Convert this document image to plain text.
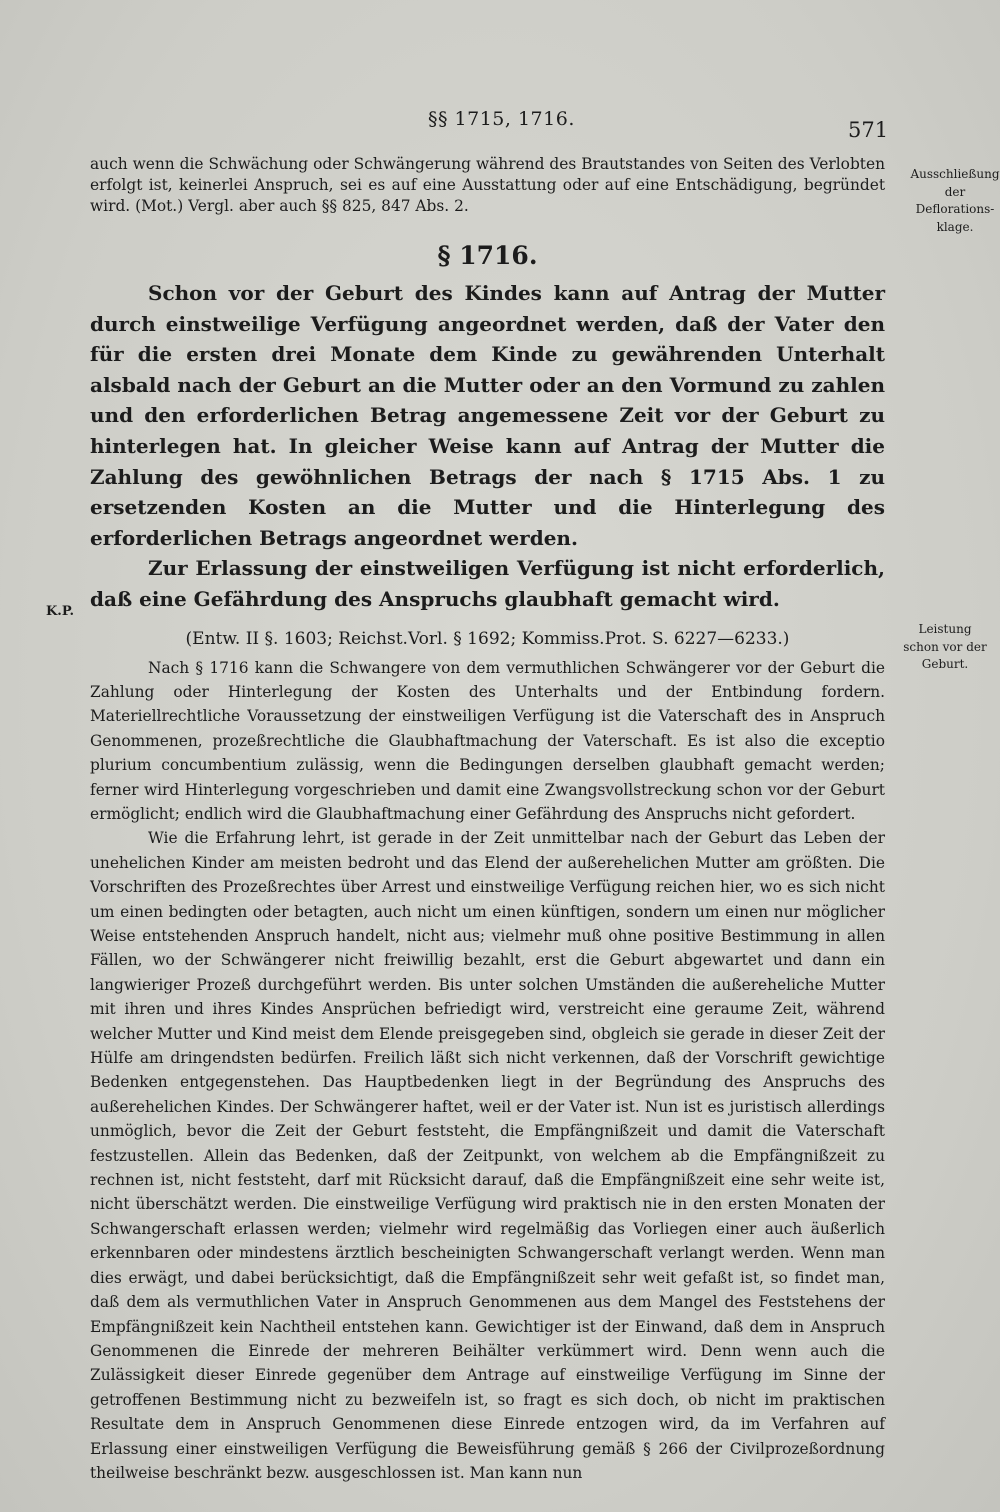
§§ 1715, 1716.	571
Ausschließung
der
Deflorations-
klage.
Leistung
schon vor der
Geburt.
K.P.

auch wenn die Schwächung oder Schwängerung während des Brautstandes von Seiten des Verlobten erfolgt ist, keinerlei Anspruch, sei es auf eine Ausstattung oder auf eine Entschädigung, begründet wird. (Mot.) Vergl. aber auch §§ 825, 847 Abs. 2.

§ 1716.

Schon vor der Geburt des Kindes kann auf Antrag der Mutter durch einstweilige Verfügung angeordnet werden, daß der Vater den für die ersten drei Monate dem Kinde zu gewährenden Unterhalt alsbald nach der Geburt an die Mutter oder an den Vormund zu zahlen und den erforderlichen Betrag angemessene Zeit vor der Geburt zu hinterlegen hat. In gleicher Weise kann auf Antrag der Mutter die Zahlung des gewöhnlichen Betrags der nach § 1715 Abs. 1 zu ersetzenden Kosten an die Mutter und die Hinterlegung des erforderlichen Betrags angeordnet werden.

Zur Erlassung der einstweiligen Verfügung ist nicht erforderlich, daß eine Gefährdung des Anspruchs glaubhaft gemacht wird.

(Entw. II §. 1603; Reichst.Vorl. § 1692; Kommiss.Prot. S. 6227—6233.)

Nach § 1716 kann die Schwangere von dem vermuthlichen Schwängerer vor der Geburt die Zahlung oder Hinterlegung der Kosten des Unterhalts und der Entbindung fordern. Materiellrechtliche Voraussetzung der einstweiligen Verfügung ist die Vaterschaft des in Anspruch Genommenen, prozeßrechtliche die Glaubhaftmachung der Vaterschaft. Es ist also die exceptio plurium concumbentium zulässig, wenn die Bedingungen derselben glaubhaft gemacht werden; ferner wird Hinterlegung vorgeschrieben und damit eine Zwangsvollstreckung schon vor der Geburt ermöglicht; endlich wird die Glaubhaftmachung einer Gefährdung des Anspruchs nicht gefordert.

Wie die Erfahrung lehrt, ist gerade in der Zeit unmittelbar nach der Geburt das Leben der unehelichen Kinder am meisten bedroht und das Elend der außerehelichen Mutter am größten. Die Vorschriften des Prozeßrechtes über Arrest und einstweilige Verfügung reichen hier, wo es sich nicht um einen bedingten oder betagten, auch nicht um einen künftigen, sondern um einen nur möglicher Weise entstehenden Anspruch handelt, nicht aus; vielmehr muß ohne positive Bestimmung in allen Fällen, wo der Schwängerer nicht freiwillig bezahlt, erst die Geburt abgewartet und dann ein langwieriger Prozeß durchgeführt werden. Bis unter solchen Umständen die außereheliche Mutter mit ihren und ihres Kindes Ansprüchen befriedigt wird, verstreicht eine geraume Zeit, während welcher Mutter und Kind meist dem Elende preisgegeben sind, obgleich sie gerade in dieser Zeit der Hülfe am dringendsten bedürfen. Freilich läßt sich nicht verkennen, daß der Vorschrift gewichtige Bedenken entgegenstehen. Das Hauptbedenken liegt in der Begründung des Anspruchs des außerehelichen Kindes. Der Schwängerer haftet, weil er der Vater ist. Nun ist es juristisch allerdings unmöglich, bevor die Zeit der Geburt feststeht, die Empfängnißzeit und damit die Vaterschaft festzustellen. Allein das Bedenken, daß der Zeitpunkt, von welchem ab die Empfängnißzeit zu rechnen ist, nicht feststeht, darf mit Rücksicht darauf, daß die Empfängnißzeit eine sehr weite ist, nicht überschätzt werden. Die einstweilige Verfügung wird praktisch nie in den ersten Monaten der Schwangerschaft erlassen werden; vielmehr wird regelmäßig das Vorliegen einer auch äußerlich erkennbaren oder mindestens ärztlich bescheinigten Schwangerschaft verlangt werden. Wenn man dies erwägt, und dabei berücksichtigt, daß die Empfängnißzeit sehr weit gefaßt ist, so findet man, daß dem als vermuthlichen Vater in Anspruch Genommenen aus dem Mangel des Feststehens der Empfängnißzeit kein Nachtheil entstehen kann. Gewichtiger ist der Einwand, daß dem in Anspruch Genommenen die Einrede der mehreren Beihälter verkümmert wird. Denn wenn auch die Zulässigkeit dieser Einrede gegenüber dem Antrage auf einstweilige Verfügung im Sinne der getroffenen Bestimmung nicht zu bezweifeln ist, so fragt es sich doch, ob nicht im praktischen Resultate dem in Anspruch Genommenen diese Einrede entzogen wird, da im Verfahren auf Erlassung einer einstweiligen Verfügung die Beweisführung gemäß § 266 der Civilprozeßordnung theilweise beschränkt bezw. ausgeschlossen ist. Man kann nun
